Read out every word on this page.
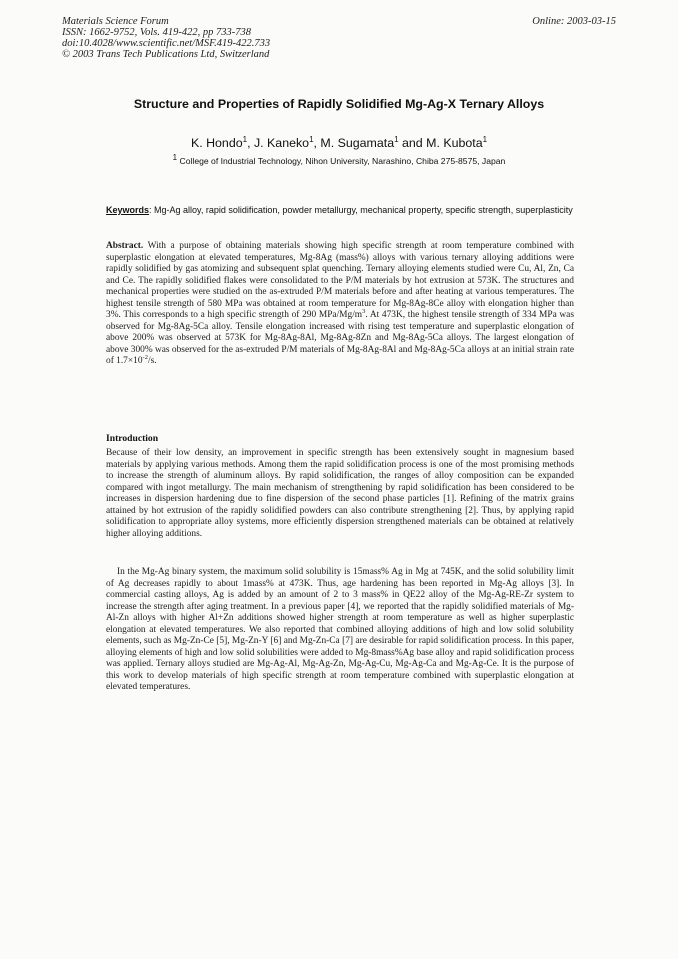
Materials Science Forum
ISSN: 1662-9752, Vols. 419-422, pp 733-738
doi:10.4028/www.scientific.net/MSF.419-422.733
© 2003 Trans Tech Publications Ltd, Switzerland
Online: 2003-03-15
Structure and Properties of Rapidly Solidified Mg-Ag-X Ternary Alloys
K. Hondo$^1$, J. Kaneko$^1$, M. Sugamata$^1$ and M. Kubota$^1$
$^1$ College of Industrial Technology, Nihon University, Narashino, Chiba 275-8575, Japan
Keywords: Mg-Ag alloy, rapid solidification, powder metallurgy, mechanical property, specific strength, superplasticity
Abstract. With a purpose of obtaining materials showing high specific strength at room temperature combined with superplastic elongation at elevated temperatures, Mg-8Ag (mass%) alloys with various ternary alloying additions were rapidly solidified by gas atomizing and subsequent splat quenching. Ternary alloying elements studied were Cu, Al, Zn, Ca and Ce. The rapidly solidified flakes were consolidated to the P/M materials by hot extrusion at 573K. The structures and mechanical properties were studied on the as-extruded P/M materials before and after heating at various temperatures. The highest tensile strength of 580 MPa was obtained at room temperature for Mg-8Ag-8Ce alloy with elongation higher than 3%. This corresponds to a high specific strength of 290 MPa/$Mg/m^3$. At 473K, the highest tensile strength of 334 MPa was observed for Mg-8Ag-5Ca alloy. Tensile elongation increased with rising test temperature and superplastic elongation of above 200% was observed at 573K for Mg-8Ag-8Al, Mg-8Ag-8Zn and Mg-8Ag-5Ca alloys. The largest elongation of above 300% was observed for the as-extruded P/M materials of Mg-8Ag-8Al and Mg-8Ag-5Ca alloys at an initial strain rate of $1.7\times 10^{-2}/s$.
Introduction
Because of their low density, an improvement in specific strength has been extensively sought in magnesium based materials by applying various methods. Among them the rapid solidification process is one of the most promising methods to increase the strength of aluminum alloys. By rapid solidification, the ranges of alloy composition can be expanded compared with ingot metallurgy. The main mechanism of strengthening by rapid solidification has been considered to be increases in dispersion hardening due to fine dispersion of the second phase particles [1]. Refining of the matrix grains attained by hot extrusion of the rapidly solidified powders can also contribute strengthening [2]. Thus, by applying rapid solidification to appropriate alloy systems, more efficiently dispersion strengthened materials can be obtained at relatively higher alloying additions.
In the Mg-Ag binary system, the maximum solid solubility is 15mass% Ag in Mg at 745K, and the solid solubility limit of Ag decreases rapidly to about 1mass% at 473K. Thus, age hardening has been reported in Mg-Ag alloys [3]. In commercial casting alloys, Ag is added by an amount of 2 to 3 mass% in QE22 alloy of the Mg-Ag-RE-Zr system to increase the strength after aging treatment. In a previous paper [4], we reported that the rapidly solidified materials of Mg-Al-Zn alloys with higher Al+Zn additions showed higher strength at room temperature as well as higher superplastic elongation at elevated temperatures. We also reported that combined alloying additions of high and low solid solubility elements, such as Mg-Zn-Ce [5], Mg-Zn-Y [6] and Mg-Zn-Ca [7] are desirable for rapid solidification process. In this paper, alloying elements of high and low solid solubilities were added to Mg-8mass%Ag base alloy and rapid solidification process was applied. Ternary alloys studied are Mg-Ag-Al, Mg-Ag-Zn, Mg-Ag-Cu, Mg-Ag-Ca and Mg-Ag-Ce. It is the purpose of this work to develop materials of high specific strength at room temperature combined with superplastic elongation at elevated temperatures.
